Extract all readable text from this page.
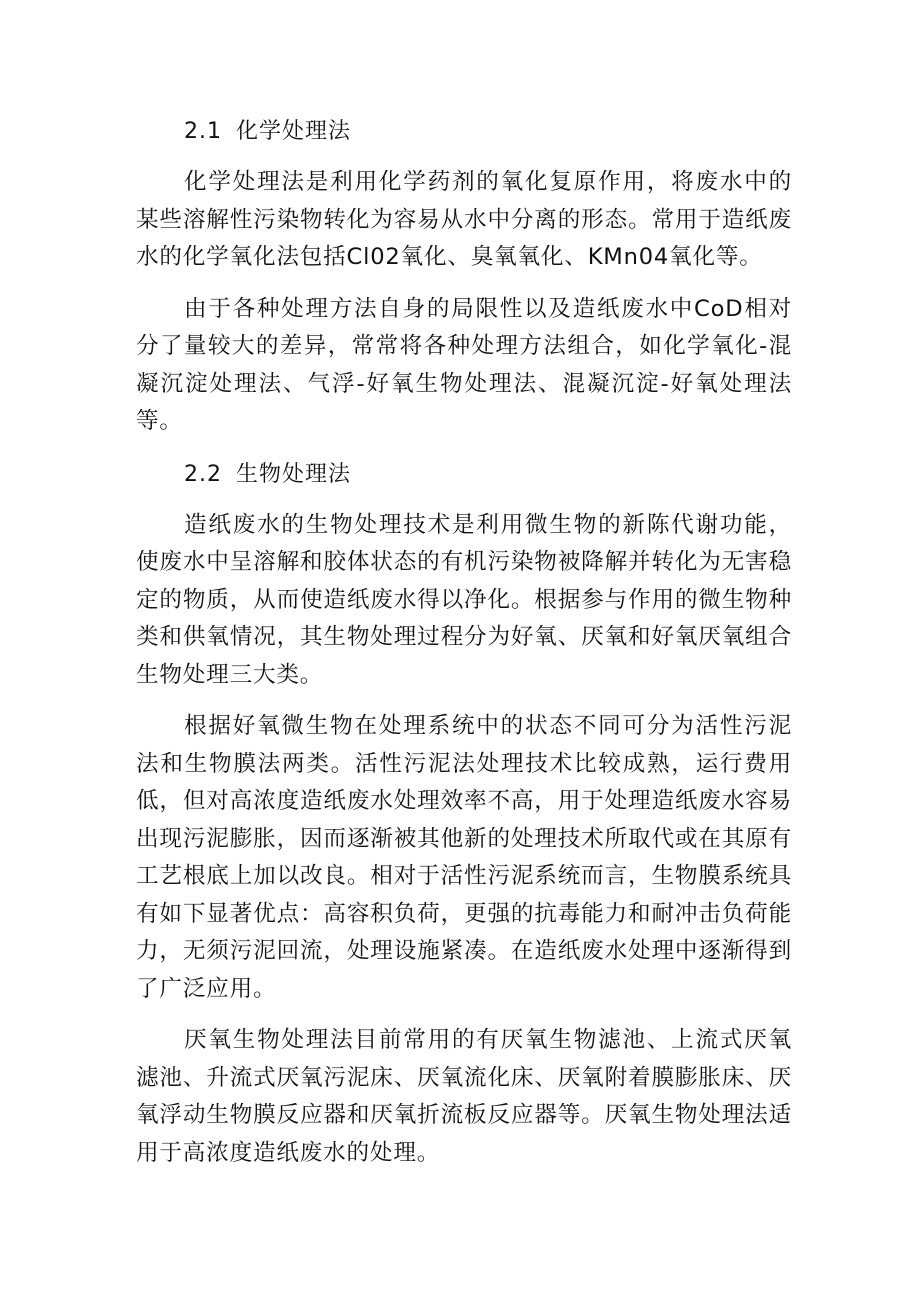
2.1 化学处理法

化学处理法是利用化学药剂的氧化复原作用，将废水中的某些溶解性污染物转化为容易从水中分离的形态。常用于造纸废水的化学氧化法包括Cl02氧化、臭氧氧化、KMn04氧化等。

由于各种处理方法自身的局限性以及造纸废水中CoD相对分了量较大的差异，常常将各种处理方法组合，如化学氧化-混凝沉淀处理法、气浮-好氧生物处理法、混凝沉淀-好氧处理法等。

2.2 生物处理法

造纸废水的生物处理技术是利用微生物的新陈代谢功能，使废水中呈溶解和胶体状态的有机污染物被降解并转化为无害稳定的物质，从而使造纸废水得以净化。根据参与作用的微生物种类和供氧情况，其生物处理过程分为好氧、厌氧和好氧厌氧组合生物处理三大类。

根据好氧微生物在处理系统中的状态不同可分为活性污泥法和生物膜法两类。活性污泥法处理技术比较成熟，运行费用低，但对高浓度造纸废水处理效率不高，用于处理造纸废水容易出现污泥膨胀，因而逐渐被其他新的处理技术所取代或在其原有工艺根底上加以改良。相对于活性污泥系统而言，生物膜系统具有如下显著优点：高容积负荷，更强的抗毒能力和耐冲击负荷能力，无须污泥回流，处理设施紧凑。在造纸废水处理中逐渐得到了广泛应用。

厌氧生物处理法目前常用的有厌氧生物滤池、上流式厌氧滤池、升流式厌氧污泥床、厌氧流化床、厌氧附着膜膨胀床、厌氧浮动生物膜反应器和厌氧折流板反应器等。厌氧生物处理法适用于高浓度造纸废水的处理。
